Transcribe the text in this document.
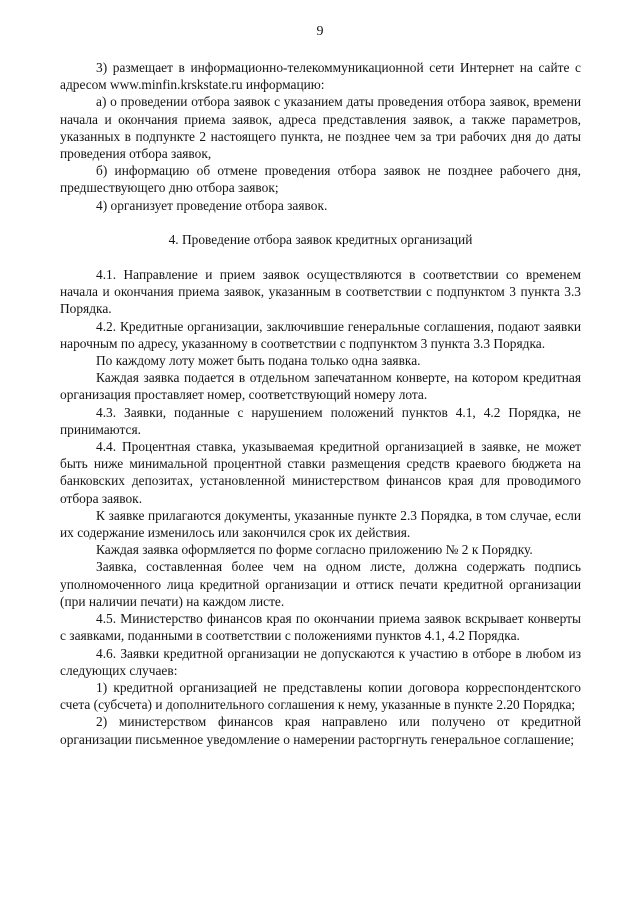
9

3) размещает в информационно-телекоммуникационной сети Интернет на сайте с адресом www.minfin.krskstate.ru информацию:

а) о проведении отбора заявок с указанием даты проведения отбора заявок, времени начала и окончания приема заявок, адреса представления заявок, а также параметров, указанных в подпункте 2 настоящего пункта, не позднее чем за три рабочих дня до даты проведения отбора заявок,

б) информацию об отмене проведения отбора заявок не позднее рабочего дня, предшествующего дню отбора заявок;

4) организует проведение отбора заявок.

4. Проведение отбора заявок кредитных организаций

4.1. Направление и прием заявок осуществляются в соответствии со временем начала и окончания приема заявок, указанным в соответствии с подпунктом 3 пункта 3.3 Порядка.

4.2. Кредитные организации, заключившие генеральные соглашения, подают заявки нарочным по адресу, указанному в соответствии с подпунктом 3 пункта 3.3 Порядка.

По каждому лоту может быть подана только одна заявка.

Каждая заявка подается в отдельном запечатанном конверте, на котором кредитная организация проставляет номер, соответствующий номеру лота.

4.3. Заявки, поданные с нарушением положений пунктов 4.1, 4.2 Порядка, не принимаются.

4.4. Процентная ставка, указываемая кредитной организацией в заявке, не может быть ниже минимальной процентной ставки размещения средств краевого бюджета на банковских депозитах, установленной министерством финансов края для проводимого отбора заявок.

К заявке прилагаются документы, указанные пункте 2.3 Порядка, в том случае, если их содержание изменилось или закончился срок их действия.

Каждая заявка оформляется по форме согласно приложению № 2 к Порядку.

Заявка, составленная более чем на одном листе, должна содержать подпись уполномоченного лица кредитной организации и оттиск печати кредитной организации (при наличии печати) на каждом листе.

4.5. Министерство финансов края по окончании приема заявок вскрывает конверты с заявками, поданными в соответствии с положениями пунктов 4.1, 4.2 Порядка.

4.6. Заявки кредитной организации не допускаются к участию в отборе в любом из следующих случаев:

1) кредитной организацией не представлены копии договора корреспондентского счета (субсчета) и дополнительного соглашения к нему, указанные в пункте 2.20 Порядка;

2) министерством финансов края направлено или получено от кредитной организации письменное уведомление о намерении расторгнуть генеральное соглашение;
